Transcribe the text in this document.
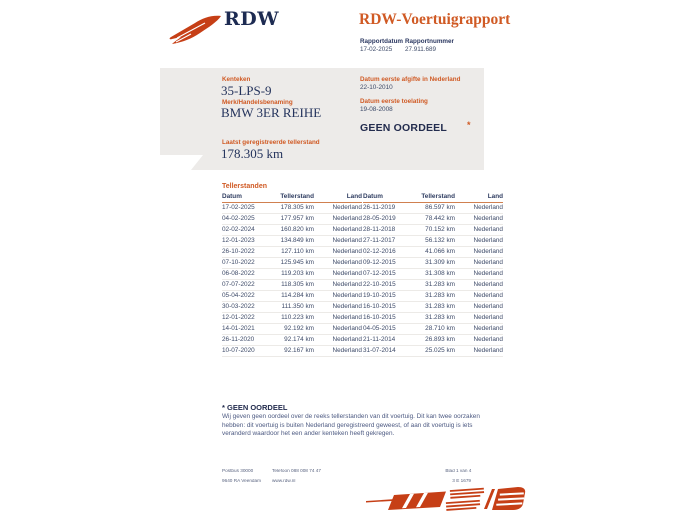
RDW	RDW-Voertuigrapport
Rapportdatum
17-02-2025
Rapportnummer
27.911.689
Kenteken
35-LPS-9
Merk/Handelsbenaming
BMW 3ER REIHE
Laatst geregistreerde tellerstand
178.305 km
Datum eerste afgifte in Nederland
22-10-2010
Datum eerste toelating
19-08-2008
GEEN OORDEEL *
Tellerstanden
Datum	Tellerstand	Land
17-02-2025	178.305 km	Nederland
04-02-2025	177.957 km	Nederland
02-02-2024	160.820 km	Nederland
12-01-2023	134.849 km	Nederland
26-10-2022	127.110 km	Nederland
07-10-2022	125.945 km	Nederland
06-08-2022	119.203 km	Nederland
07-07-2022	118.305 km	Nederland
05-04-2022	114.284 km	Nederland
30-03-2022	111.350 km	Nederland
12-01-2022	110.223 km	Nederland
14-01-2021	92.192 km	Nederland
26-11-2020	92.174 km	Nederland
10-07-2020	92.167 km	Nederland
Datum	Tellerstand	Land
26-11-2019	86.597 km	Nederland
28-05-2019	78.442 km	Nederland
28-11-2018	70.152 km	Nederland
27-11-2017	56.132 km	Nederland
02-12-2016	41.066 km	Nederland
09-12-2015	31.309 km	Nederland
07-12-2015	31.308 km	Nederland
22-10-2015	31.283 km	Nederland
19-10-2015	31.283 km	Nederland
16-10-2015	31.283 km	Nederland
16-10-2015	31.283 km	Nederland
04-05-2015	28.710 km	Nederland
21-11-2014	26.893 km	Nederland
31-07-2014	25.025 km	Nederland
* GEEN OORDEEL
Wij geven geen oordeel over de reeks tellerstanden van dit voertuig. Dit kan twee oorzaken hebben: dit voertuig is buiten Nederland geregistreerd geweest, of aan dit voertuig is iets veranderd waardoor het een ander kenteken heeft gekregen.
Postbus 30000
9640 RA Veendam
Telefoon 088 008 74 47
www.rdw.nl
Blad 1 van 4
3 E 1679
